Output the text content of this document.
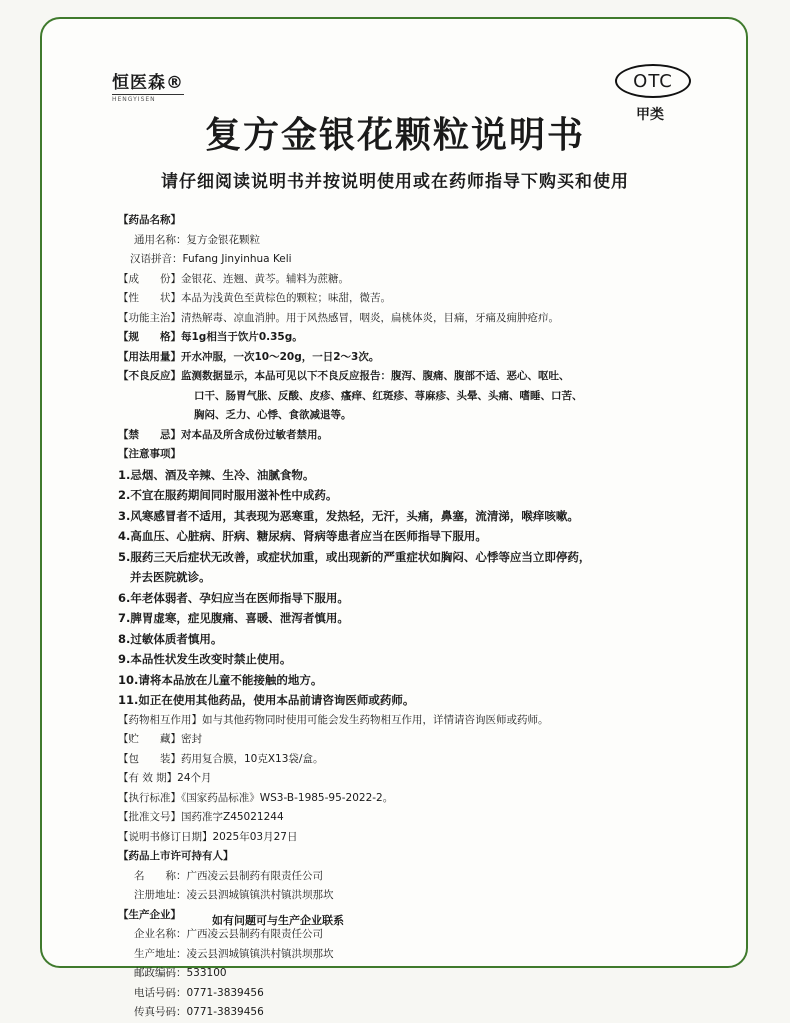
恒医森®
HENGYISEN
OTC
甲类
复方金银花颗粒说明书
请仔细阅读说明书并按说明使用或在药师指导下购买和使用
【药品名称】
通用名称：复方金银花颗粒
汉语拼音：Fufang Jinyinhua Keli
【成　　份】金银花、连翘、黄芩。辅料为蔗糖。
【性　　状】本品为浅黄色至黄棕色的颗粒；味甜，微苦。
【功能主治】清热解毒、凉血消肿。用于风热感冒，咽炎，扁桃体炎，目痛，牙痛及痈肿疮疖。
【规　　格】每1g相当于饮片0.35g。
【用法用量】开水冲服，一次10～20g，一日2～3次。
【不良反应】监测数据显示，本品可见以下不良反应报告：腹泻、腹痛、腹部不适、恶心、呕吐、
口干、肠胃气胀、反酸、皮疹、瘙痒、红斑疹、荨麻疹、头晕、头痛、嗜睡、口苦、
胸闷、乏力、心悸、食欲减退等。
【禁　　忌】对本品及所含成份过敏者禁用。
【注意事项】
1.忌烟、酒及辛辣、生冷、油腻食物。
2.不宜在服药期间同时服用滋补性中成药。
3.风寒感冒者不适用，其表现为恶寒重，发热轻，无汗，头痛，鼻塞，流清涕，喉痒咳嗽。
4.高血压、心脏病、肝病、糖尿病、肾病等患者应当在医师指导下服用。
5.服药三天后症状无改善，或症状加重，或出现新的严重症状如胸闷、心悸等应当立即停药，
并去医院就诊。
6.年老体弱者、孕妇应当在医师指导下服用。
7.脾胃虚寒，症见腹痛、喜暖、泄泻者慎用。
8.过敏体质者慎用。
9.本品性状发生改变时禁止使用。
10.请将本品放在儿童不能接触的地方。
11.如正在使用其他药品，使用本品前请咨询医师或药师。
【药物相互作用】如与其他药物同时使用可能会发生药物相互作用，详情请咨询医师或药师。
【贮　　藏】密封
【包　　装】药用复合膜，10克X13袋/盒。
【有 效 期】24个月
【执行标准】《国家药品标准》WS3-B-1985-95-2022-2。
【批准文号】国药准字Z45021244
【说明书修订日期】2025年03月27日
【药品上市许可持有人】
名　　称：广西凌云县制药有限责任公司
注册地址：凌云县泗城镇镇洪村镇洪坝那坎
【生产企业】
企业名称：广西凌云县制药有限责任公司
生产地址：凌云县泗城镇镇洪村镇洪坝那坎
邮政编码：533100
电话号码：0771-3839456
传真号码：0771-3839456
如有问题可与生产企业联系
